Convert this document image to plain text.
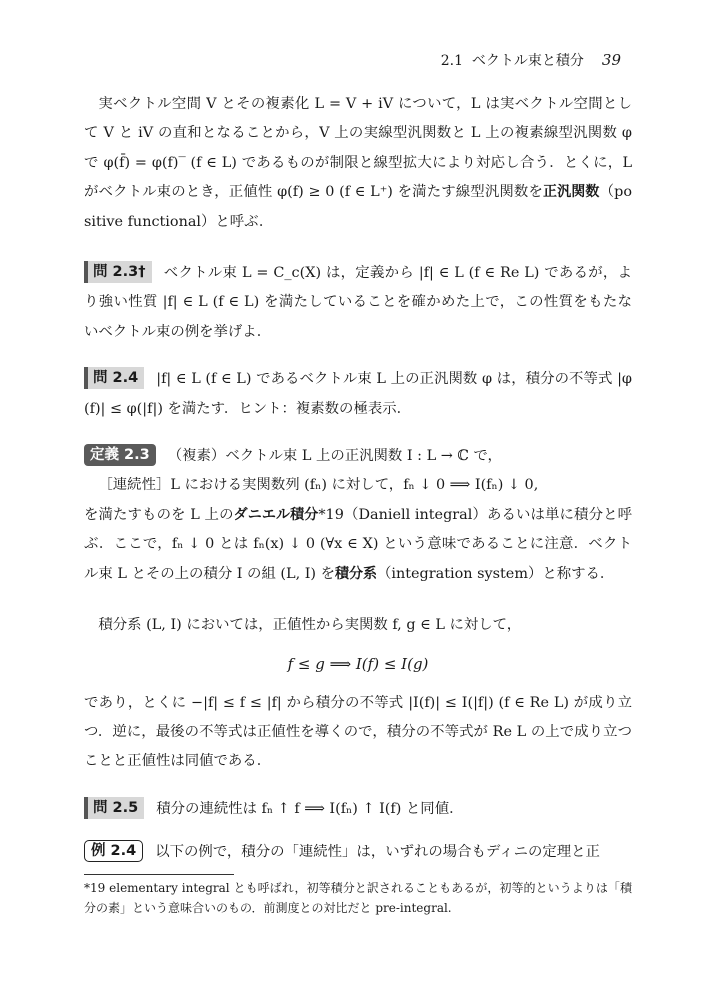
2.1 ベクトル束と積分 39

実ベクトル空間 V とその複素化 L = V + iV について，L は実ベクトル空間として V と iV の直和となることから，V 上の実線型汎関数と L 上の複素線型汎関数 φ で φ(f̄) = φ(f)‾ (f ∈ L) であるものが制限と線型拡大により対応し合う．とくに，L がベクトル束のとき，正値性 φ(f) ≥ 0 (f ∈ L⁺) を満たす線型汎関数を正汎関数（positive functional）と呼ぶ．

問 2.3† ベクトル束 L = C_c(X) は，定義から |f| ∈ L (f ∈ Re L) であるが，より強い性質 |f| ∈ L (f ∈ L) を満たしていることを確かめた上で，この性質をもたないベクトル束の例を挙げよ．

問 2.4 |f| ∈ L (f ∈ L) であるベクトル束 L 上の正汎関数 φ は，積分の不等式 |φ(f)| ≤ φ(|f|) を満たす．ヒント：複素数の極表示．

定義 2.3 （複素）ベクトル束 L 上の正汎関数 I : L → ℂ で，

［連続性］L における実関数列 (fₙ) に対して，fₙ ↓ 0 ⟹ I(fₙ) ↓ 0,

を満たすものを L 上のダニエル積分*19（Daniell integral）あるいは単に積分と呼ぶ．ここで，fₙ ↓ 0 とは fₙ(x) ↓ 0 (∀x ∈ X) という意味であることに注意．ベクトル束 L とその上の積分 I の組 (L, I) を積分系（integration system）と称する．

積分系 (L, I) においては，正値性から実関数 f, g ∈ L に対して，

f ≤ g ⟹ I(f) ≤ I(g)

であり，とくに −|f| ≤ f ≤ |f| から積分の不等式 |I(f)| ≤ I(|f|) (f ∈ Re L) が成り立つ．逆に，最後の不等式は正値性を導くので，積分の不等式が Re L の上で成り立つことと正値性は同値である．

問 2.5 積分の連続性は fₙ ↑ f ⟹ I(fₙ) ↑ I(f) と同値．

例 2.4 以下の例で，積分の「連続性」は，いずれの場合もディニの定理と正

*19 elementary integral とも呼ばれ，初等積分と訳されることもあるが，初等的というよりは「積分の素」という意味合いのもの．前測度との対比だと pre-integral.
